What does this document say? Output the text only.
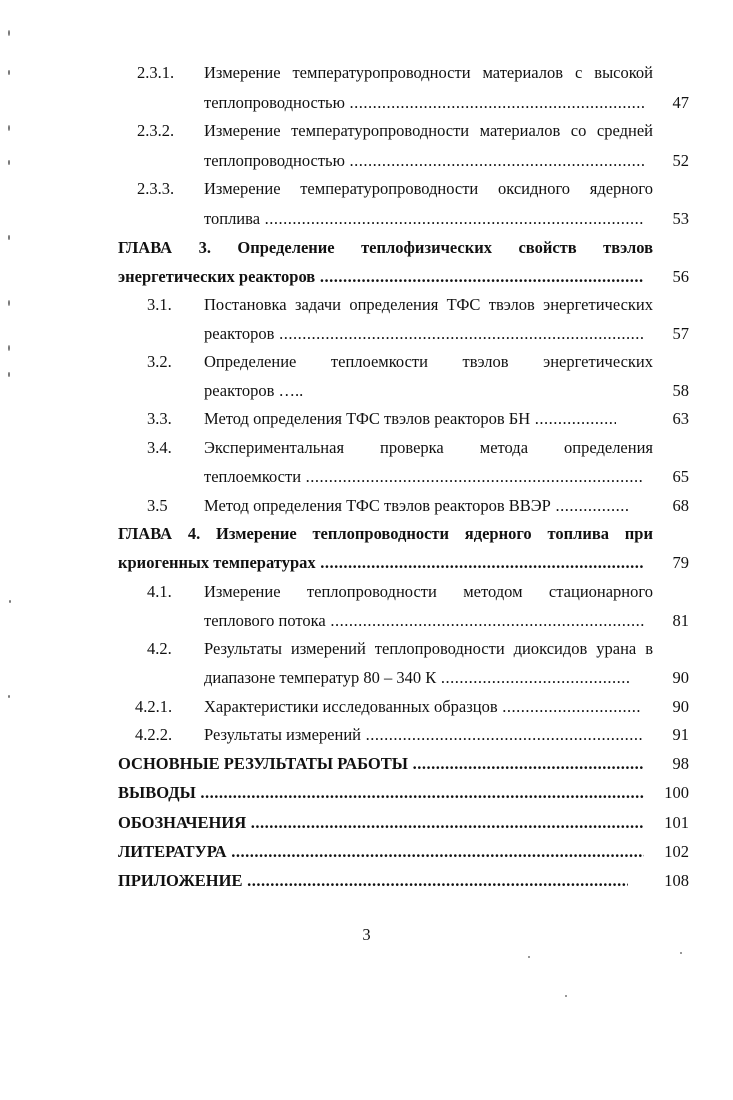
2.3.1. Измерение температуропроводности материалов с высокой
теплопроводностью .....	47
2.3.2. Измерение температуропроводности материалов со средней
теплопроводностью .....	52
2.3.3. Измерение температуропроводности оксидного ядерного
топлива .....	53
ГЛАВА 3. Определение теплофизических свойств твэлов
энергетических реакторов .....	56
3.1. Постановка задачи определения ТФС твэлов энергетических
реакторов .....	57
3.2. Определение теплоемкости твэлов энергетических
реакторов …..	58
3.3. Метод определения ТФС твэлов реакторов БН .....	63
3.4. Экспериментальная проверка метода определения
теплоемкости .....	65
3.5 Метод определения ТФС твэлов реакторов ВВЭР .....	68
ГЛАВА 4. Измерение теплопроводности ядерного топлива при
криогенных температурах .....	79
4.1. Измерение теплопроводности методом стационарного
теплового потока .....	81
4.2. Результаты измерений теплопроводности диоксидов урана в
диапазоне температур 80 – 340 К .....	90
4.2.1. Характеристики исследованных образцов .....	90
4.2.2. Результаты измерений .....	91
ОСНОВНЫЕ РЕЗУЛЬТАТЫ РАБОТЫ .....	98
ВЫВОДЫ .....	100
ОБОЗНАЧЕНИЯ .....	101
ЛИТЕРАТУРА .....	102
ПРИЛОЖЕНИЕ .....	108
3
